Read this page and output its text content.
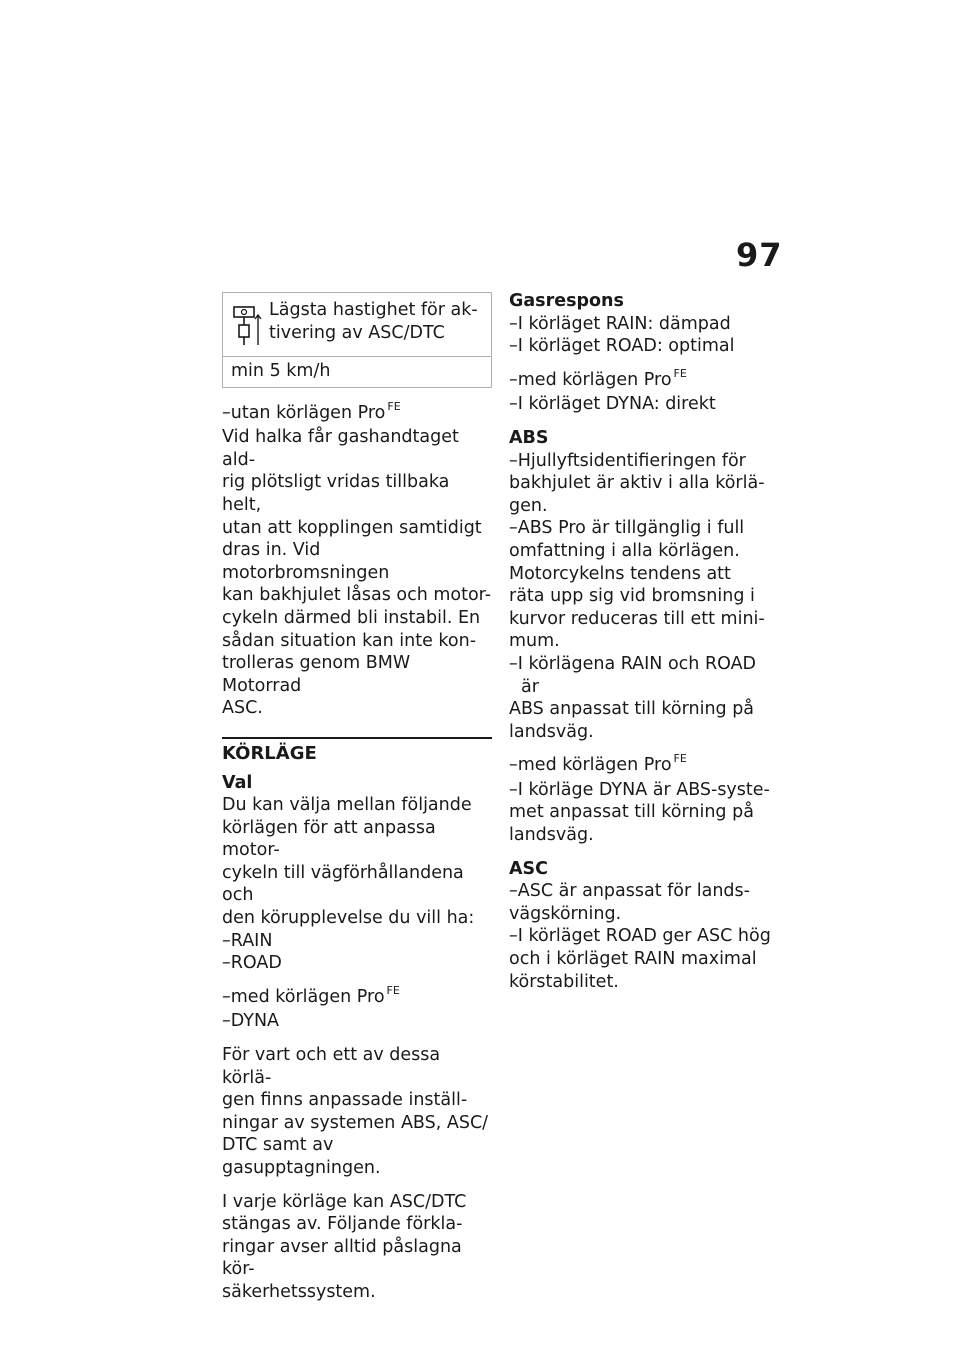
97
Lägsta hastighet för ak-
tivering av ASC/DTC
min 5 km/h
–utan körlägen Pro $^{FE}$
Vid halka får gashandtaget ald-
rig plötsligt vridas tillbaka helt,
utan att kopplingen samtidigt
dras in. Vid motorbromsningen
kan bakhjulet låsas och motor-
cykeln därmed bli instabil. En
sådan situation kan inte kon-
trolleras genom BMW Motorrad
ASC.
KÖRLÄGE
Val
Du kan välja mellan följande
körlägen för att anpassa motor-
cykeln till vägförhållandena och
den körupplevelse du vill ha:
–RAIN
–ROAD
–med körlägen Pro $^{FE}$
–DYNA
För vart och ett av dessa körlä-
gen finns anpassade inställ-
ningar av systemen ABS, ASC/
DTC samt av gasupptagningen.
I varje körläge kan ASC/DTC
stängas av. Följande förkla-
ringar avser alltid påslagna kör-
säkerhetssystem.
Gasrespons
–I körläget RAIN: dämpad
–I körläget ROAD: optimal
–med körlägen Pro $^{FE}$
–I körläget DYNA: direkt
ABS
–Hjullyftsidentifieringen för
bakhjulet är aktiv i alla körlä-
gen.
–ABS Pro är tillgänglig i full
omfattning i alla körlägen.
Motorcykelns tendens att
räta upp sig vid bromsning i
kurvor reduceras till ett mini-
mum.
–I körlägena RAIN och ROAD är
ABS anpassat till körning på
landsväg.
–med körlägen Pro $^{FE}$
–I körläge DYNA är ABS-syste-
met anpassat till körning på
landsväg.
ASC
–ASC är anpassat för lands-
vägskörning.
–I körläget ROAD ger ASC hög
och i körläget RAIN maximal
körstabilitet.
